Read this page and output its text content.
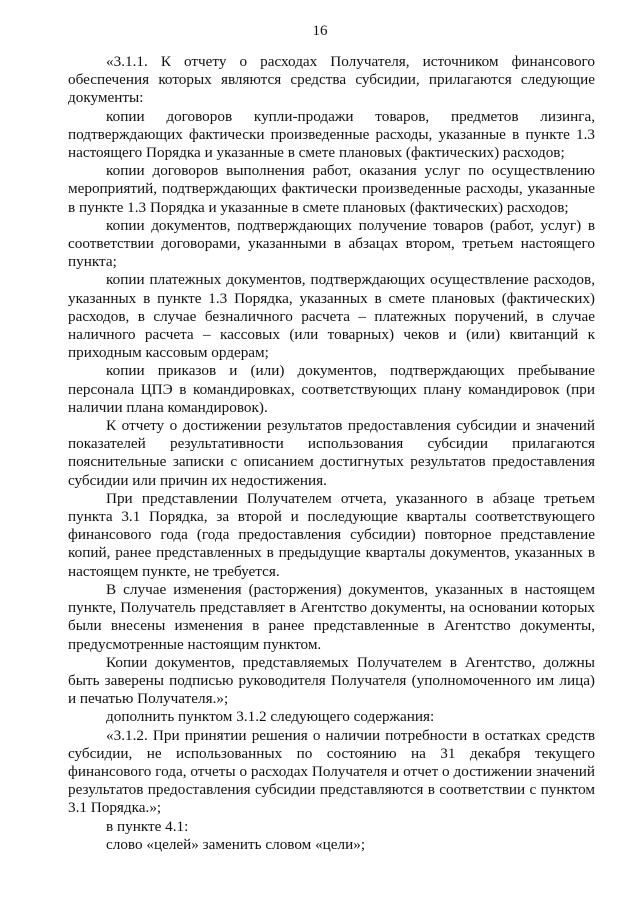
16

«3.1.1. К отчету о расходах Получателя, источником финансового обеспечения которых являются средства субсидии, прилагаются следующие документы:

копии договоров купли-продажи товаров, предметов лизинга, подтверждающих фактически произведенные расходы, указанные в пункте 1.3 настоящего Порядка и указанные в смете плановых (фактических) расходов;

копии договоров выполнения работ, оказания услуг по осуществлению мероприятий, подтверждающих фактически произведенные расходы, указанные в пункте 1.3 Порядка и указанные в смете плановых (фактических) расходов;

копии документов, подтверждающих получение товаров (работ, услуг) в соответствии договорами, указанными в абзацах втором, третьем настоящего пункта;

копии платежных документов, подтверждающих осуществление расходов, указанных в пункте 1.3 Порядка, указанных в смете плановых (фактических) расходов, в случае безналичного расчета – платежных поручений, в случае наличного расчета – кассовых (или товарных) чеков и (или) квитанций к приходным кассовым ордерам;

копии приказов и (или) документов, подтверждающих пребывание персонала ЦПЭ в командировках, соответствующих плану командировок (при наличии плана командировок).

К отчету о достижении результатов предоставления субсидии и значений показателей результативности использования субсидии прилагаются пояснительные записки с описанием достигнутых результатов предоставления субсидии или причин их недостижения.

При представлении Получателем отчета, указанного в абзаце третьем пункта 3.1 Порядка, за второй и последующие кварталы соответствующего финансового года (года предоставления субсидии) повторное представление копий, ранее представленных в предыдущие кварталы документов, указанных в настоящем пункте, не требуется.

В случае изменения (расторжения) документов, указанных в настоящем пункте, Получатель представляет в Агентство документы, на основании которых были внесены изменения в ранее представленные в Агентство документы, предусмотренные настоящим пунктом.

Копии документов, представляемых Получателем в Агентство, должны быть заверены подписью руководителя Получателя (уполномоченного им лица) и печатью Получателя.»;

дополнить пунктом 3.1.2 следующего содержания:

«3.1.2. При принятии решения о наличии потребности в остатках средств субсидии, не использованных по состоянию на 31 декабря текущего финансового года, отчеты о расходах Получателя и отчет о достижении значений результатов предоставления субсидии представляются в соответствии с пунктом 3.1 Порядка.»;

в пункте 4.1:

слово «целей» заменить словом «цели»;
